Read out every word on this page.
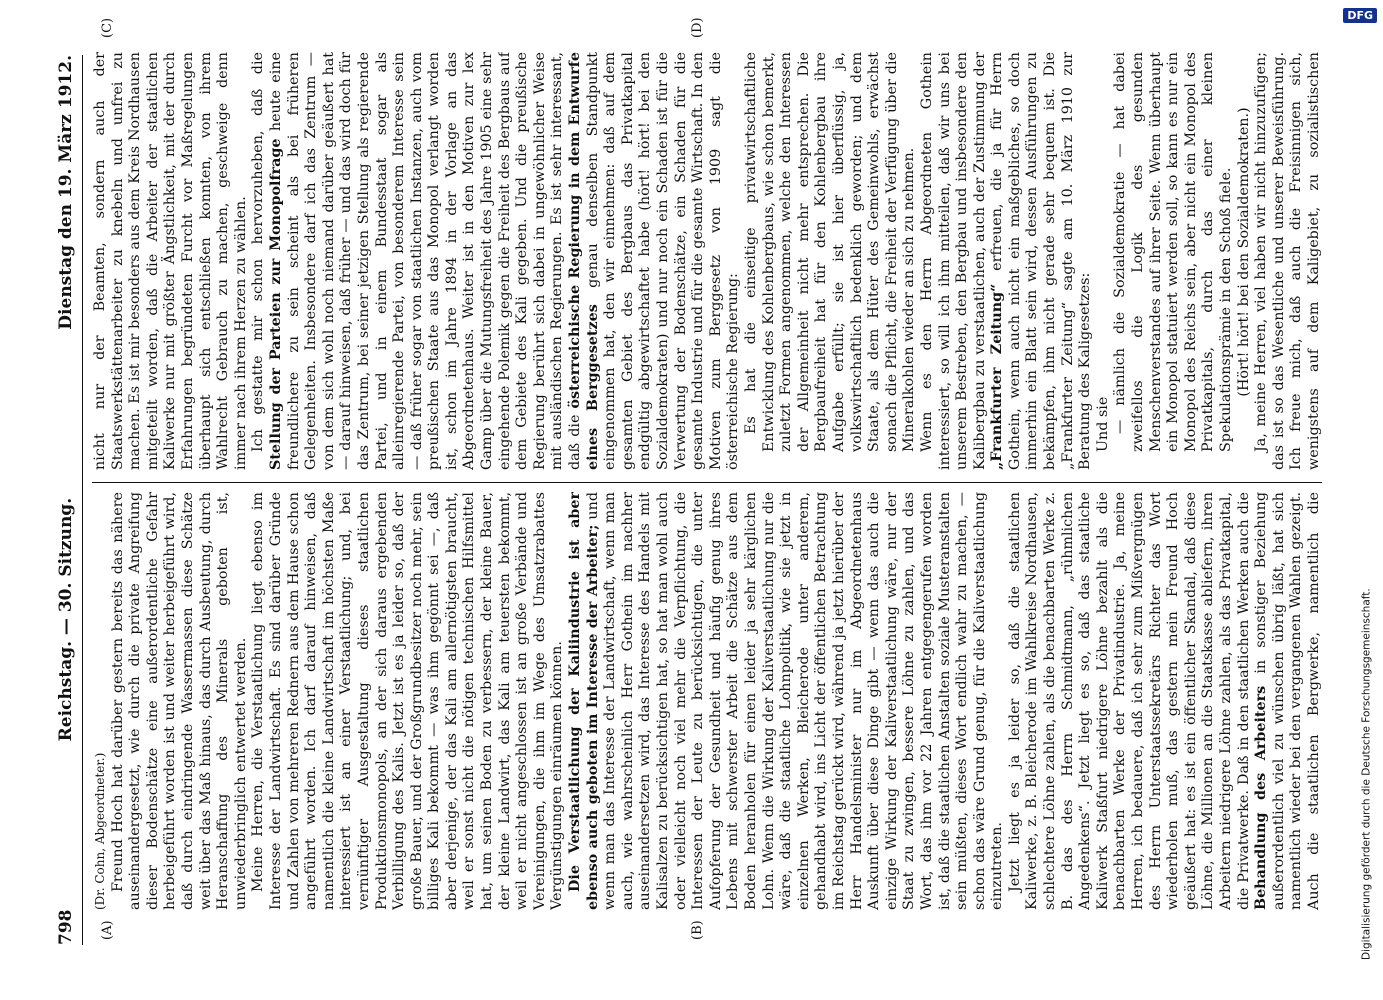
798
Reichstag. — 30. Sitzung.
Dienstag den 19. März 1912.
(A)	(B)
(C)	(D)

(Dr. Cohn, Abgeordneter.) Freund Hoch hat darüber gestern bereits das nähere auseinandergesetzt, wie durch die private Angreifung dieser Bodenschätze eine außerordentliche Gefahr herbeigeführt worden ist und weiter herbeigeführt wird, daß durch eindringende Wassermassen diese Schätze weit über das Maß hinaus, das durch Ausbeutung, durch Heranschaffung des Minerals geboten ist, unwiederbringlich entwertet werden. Meine Herren, die Verstaatlichung liegt ebenso im Interesse der Landwirtschaft. Es sind darüber Gründe und Zahlen von mehreren Rednern aus dem Hause schon angeführt worden. Ich darf darauf hinweisen, daß namentlich die kleine Landwirtschaft im höchsten Maße interessiert ist an einer Verstaatlichung; und, bei vernünftiger Ausgestaltung dieses staatlichen Produktionsmonopols, an der sich daraus ergebenden Verbilligung des Kalis. Jetzt ist es ja leider so, daß der große Bauer, und der Großgrundbesitzer noch mehr, sein billiges Kali bekommt — was ihm gegönnt sei —, daß aber derjenige, der das Kali am allernötigsten braucht, weil er sonst nicht die nötigen technischen Hilfsmittel hat, um seinen Boden zu verbessern, der kleine Bauer, der kleine Landwirt, das Kali am teuersten bekommt, weil er nicht angeschlossen ist an große Verbände und Vereinigungen, die ihm im Wege des Umsatzrabattes Vergünstigungen einräumen können. Die Verstaatlichung der Kaliindustrie ist aber ebenso auch geboten im Interesse der Arbeiter; und wenn man das Interesse der Landwirtschaft, wenn man auch, wie wahrscheinlich Herr Gothein im nachher auseinandersetzen wird, das Interesse des Handels mit Kalisalzen zu berücksichtigen hat, so hat man wohl auch oder vielleicht noch viel mehr die Verpflichtung, die Interessen der Leute zu berücksichtigen, die unter Aufopferung der Gesundheit und häufig genug ihres Lebens mit schwerster Arbeit die Schätze aus dem Boden heranholen für einen leider ja sehr kärglichen Lohn. Wenn die Wirkung der Kaliverstaatlichung nur die wäre, daß die staatliche Lohnpolitik, wie sie jetzt in einzelnen Werken, Bleicherode unter anderem, gehandhabt wird, ins Licht der öffentlichen Betrachtung im Reichstag gerückt wird, während ja jetzt hierüber der Herr Handelsminister nur im Abgeordnetenhaus Auskunft über diese Dinge gibt — wenn das auch die einzige Wirkung der Kaliverstaatlichung wäre, nur der Staat zu zwingen, bessere Löhne zu zahlen, und das Wort, das ihm vor 22 Jahren entgegengerufen worden ist, daß die staatlichen Anstalten soziale Musteranstalten sein müßten, dieses Wort endlich wahr zu machen, — schon das wäre Grund genug, für die Kaliverstaatlichung einzutreten. Jetzt liegt es ja leider so, daß die staatlichen Kaliwerke, z. B. Bleicherode im Wahlkreise Nordhausen, schlechtere Löhne zahlen, als die benachbarten Werke z. B. das des Herrn Schmidtmann, „rühmlichen Angedenkens“. Jetzt liegt es so, daß das staatliche Kaliwerk Staßfurt niedrigere Löhne bezahlt als die benachbarten Werke der Privatindustrie. Ja, meine Herren, ich bedauere, daß ich sehr zum Mißvergnügen des Herrn Unterstaatssekretärs Richter das Wort wiederholen muß, das gestern mein Freund Hoch geäußert hat: es ist ein öffentlicher Skandal, daß diese Löhne, die Millionen an die Staatskasse abliefern, ihren Arbeitern niedrigere Löhne zahlen, als das Privatkapital, die Privatwerke. Daß in den staatlichen Werken auch die Behandlung des Arbeiters in sonstiger Beziehung außerordentlich viel zu wünschen übrig läßt, hat sich namentlich wieder bei den vergangenen Wahlen gezeigt. Auch die staatlichen Bergwerke, namentlich die

nicht nur der Beamten, sondern auch der Staatswerkstättenarbeiter zu knebeln und unfrei zu machen. Es ist mir besonders aus dem Kreis Nordhausen mitgeteilt worden, daß die Arbeiter der staatlichen Kaliwerke nur mit größter Ängstlichkeit, mit der durch Erfahrungen begründeten Furcht vor Maßregelungen überhaupt sich entschließen konnten, von ihrem Wahlrecht Gebrauch zu machen, geschweige denn immer nach ihrem Herzen zu wählen. Ich gestatte mir schon hervorzuheben, daß die Stellung der Parteien zur Monopolfrage heute eine freundlichere zu sein scheint als bei früheren Gelegenheiten. Insbesondere darf ich das Zentrum — von dem sich wohl noch niemand darüber geäußert hat — darauf hinweisen, daß früher — und das wird doch für das Zentrum, bei seiner jetzigen Stellung als regierende Partei, und in einem Bundesstaat sogar als alleinregierende Partei, von besonderem Interesse sein — daß früher sogar von staatlichen Instanzen, auch vom preußischen Staate aus das Monopol verlangt worden ist, schon im Jahre 1894 in der Vorlage an das Abgeordnetenhaus. Weiter ist in den Motiven zur lex Gamp über die Mutungsfreiheit des Jahre 1905 eine sehr eingehende Polemik gegen die Freiheit des Bergbaus auf dem Gebiete des Kali gegeben. Und die preußische Regierung berührt sich dabei in ungewöhnlicher Weise mit ausländischen Regierungen. Es ist sehr interessant, daß die österreichische Regierung in dem Entwurfe eines Berggesetzes genau denselben Standpunkt eingenommen hat, den wir einnehmen: daß auf dem gesamten Gebiet des Bergbaus das Privatkapital endgültig abgewirtschaftet habe (hört! hört! bei den Sozialdemokraten) und nur noch ein Schaden ist für die Verwertung der Bodenschätze, ein Schaden für die gesamte Industrie und für die gesamte Wirtschaft. In den Motiven zum Berggesetz von 1909 sagt die österreichische Regierung: Es hat die einseitige privatwirtschaftliche Entwicklung des Kohlenbergbaus, wie schon bemerkt, zuletzt Formen angenommen, welche den Interessen der Allgemeinheit nicht mehr entsprechen. Die Bergbaufreiheit hat für den Kohlenbergbau ihre Aufgabe erfüllt; sie ist hier überflüssig, ja, volkswirtschaftlich bedenklich geworden; und dem Staate, als dem Hüter des Gemeinwohls, erwächst sonach die Pflicht, die Freiheit der Verfügung über die Mineralkohlen wieder an sich zu nehmen. Wenn es den Herrn Abgeordneten Gothein interessiert, so will ich ihm mitteilen, daß wir uns bei unserem Bestreben, den Bergbau und insbesondere den Kalibergbau zu verstaatlichen, auch der Zustimmung der „Frankfurter Zeitung“ erfreuen, die ja für Herrn Gothein, wenn auch nicht ein maßgebliches, so doch immerhin ein Blatt sein wird, dessen Ausführungen zu bekämpfen, ihm nicht gerade sehr bequem ist. Die „Frankfurter Zeitung“ sagte am 10. März 1910 zur Beratung des Kaligesetzes: Und sie — nämlich die Sozialdemokratie — hat dabei zweifellos die Logik des gesunden Menschenverstandes auf ihrer Seite. Wenn überhaupt ein Monopol statuiert werden soll, so kann es nur ein Monopol des Reichs sein, aber nicht ein Monopol des Privatkapitals, durch das einer kleinen Spekulationsprämie in den Schoß fiele. (Hört! hört! bei den Sozialdemokraten.)

Ja, meine Herren, viel haben wir nicht hinzuzufügen; das ist so das Wesentliche und unserer Beweisführung. Ich freue mich, daß auch die Freisinnigen sich, wenigstens auf dem Kaligebiet, zu sozialistischen

Digitalisierung gefördert durch die Deutsche Forschungsgemeinschaft.
DFG
